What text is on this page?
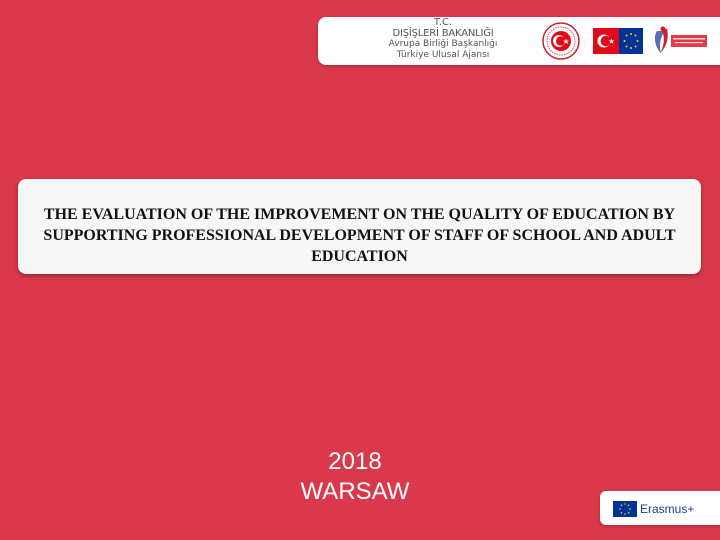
T.C.
DIŞİŞLERİ BAKANLIĞI
Avrupa Birliği Başkanlığı
Türkiye Ulusal Ajansı

THE EVALUATION OF THE IMPROVEMENT ON THE QUALITY OF EDUCATION BY SUPPORTING PROFESSIONAL DEVELOPMENT OF STAFF OF SCHOOL AND ADULT EDUCATION

2018
WARSAW
Erasmus+
